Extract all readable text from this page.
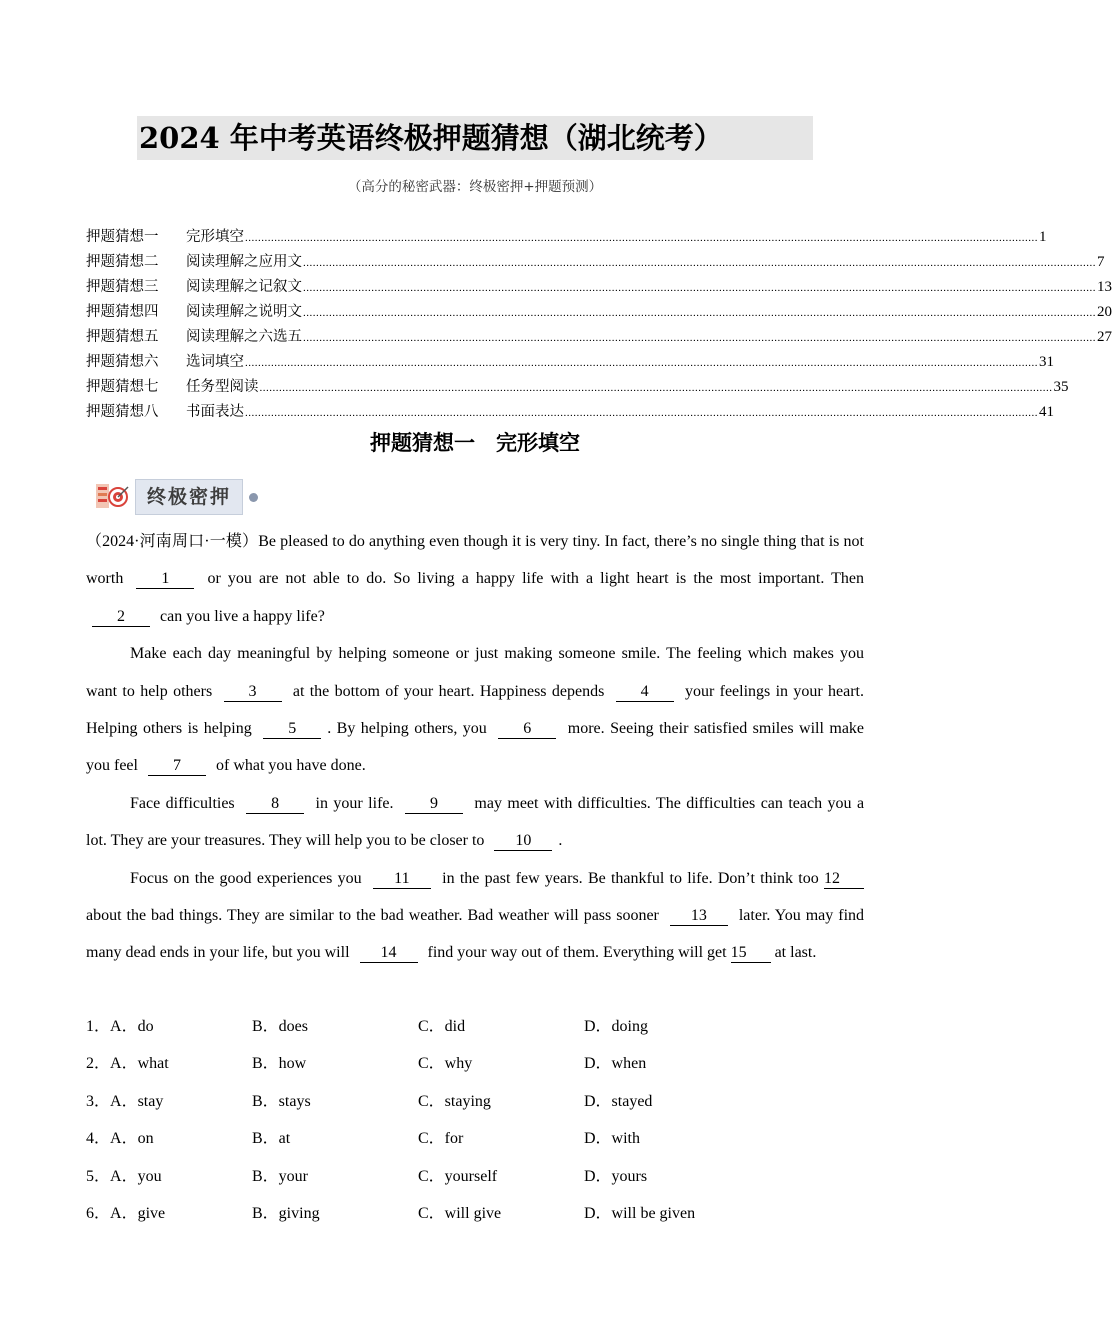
2024 年中考英语终极押题猜想（湖北统考）
（高分的秘密武器：终极密押+押题预测）
押题猜想一	完形填空 .................................................................................................................................................................................................................................................... 1
押题猜想二	阅读理解之应用文 .................................................................................................................................................................................................................................................... 7
押题猜想三	阅读理解之记叙文 .................................................................................................................................................................................................................................................... 13
押题猜想四	阅读理解之说明文 .................................................................................................................................................................................................................................................... 20
押题猜想五	阅读理解之六选五 .................................................................................................................................................................................................................................................... 27
押题猜想六	选词填空 .................................................................................................................................................................................................................................................... 31
押题猜想七	任务型阅读 .................................................................................................................................................................................................................................................... 35
押题猜想八	书面表达 .................................................................................................................................................................................................................................................... 41
押题猜想一　完形填空
终极密押

（2024·河南周口·一模）Be pleased to do anything even though it is very tiny. In fact, there’s no single thing that is not worth 1 or you are not able to do. So living a happy life with a light heart is the most important. Then 2 can you live a happy life?

Make each day meaningful by helping someone or just making someone smile. The feeling which makes you want to help others 3 at the bottom of your heart. Happiness depends 4 your feelings in your heart. Helping others is helping 5 . By helping others, you 6 more. Seeing their satisfied smiles will make you feel 7 of what you have done.

Face difficulties 8 in your life. 9 may meet with difficulties. The difficulties can teach you a lot. They are your treasures. They will help you to be closer to 10 .

Focus on the good experiences you 11 in the past few years. Be thankful to life. Don’t think too 12 about the bad things. They are similar to the bad weather. Bad weather will pass sooner 13 later. You may find many dead ends in your life, but you will 14 find your way out of them. Everything will get 15 at last.

1．A．do	B．does	C．did	D．doing
2．A．what	B．how	C．why	D．when
3．A．stay	B．stays	C．staying	D．stayed
4．A．on	B．at	C．for	D．with
5．A．you	B．your	C．yourself	D．yours
6．A．give	B．giving	C．will give	D．will be given
